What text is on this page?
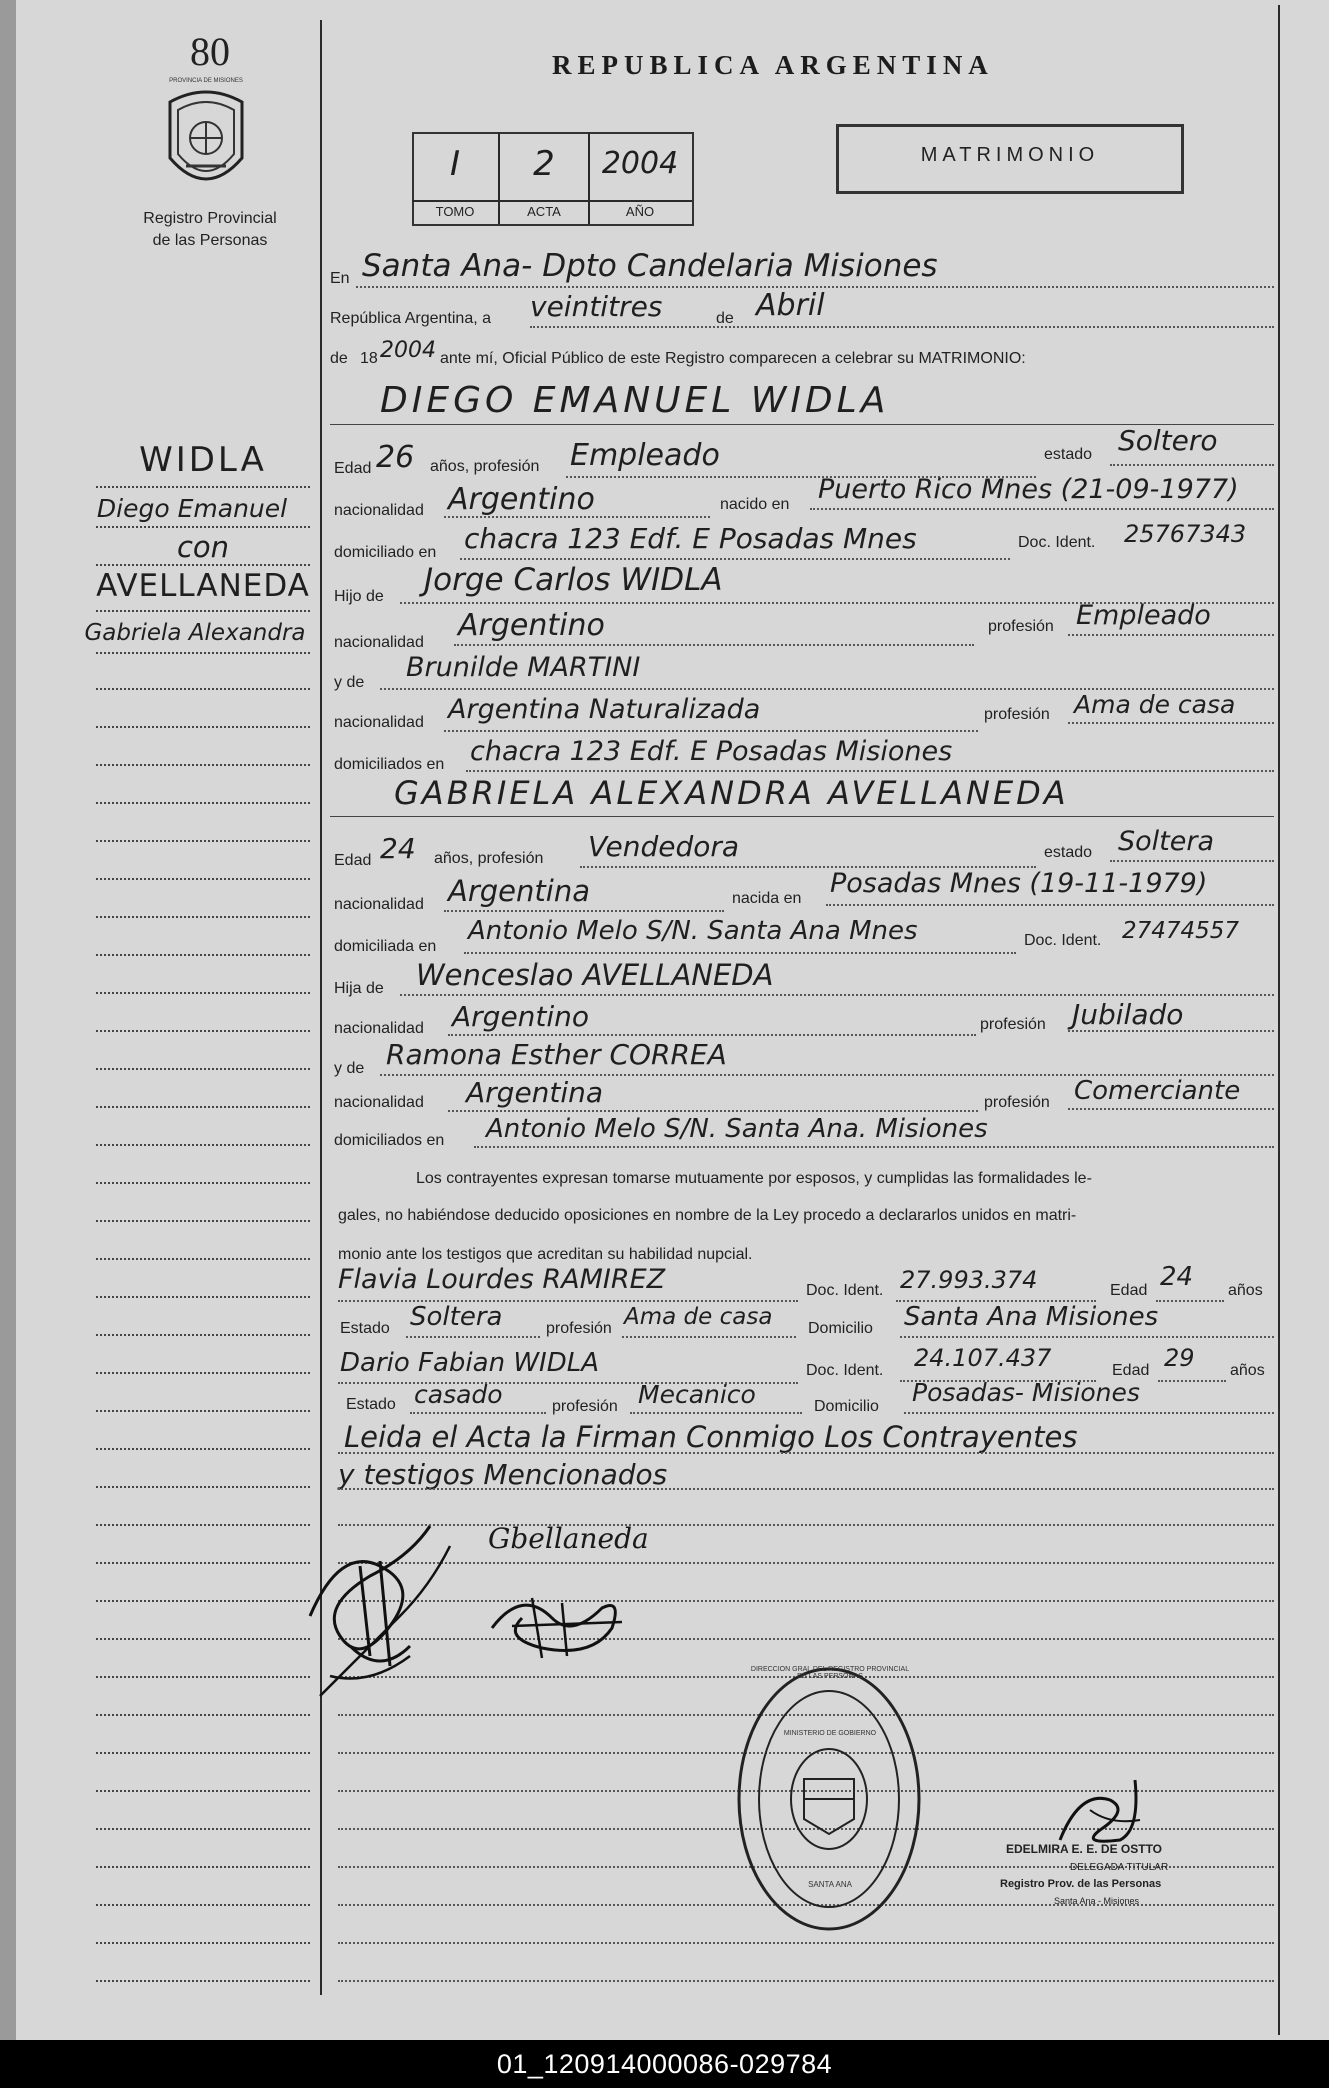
80
PROVINCIA DE MISIONES
Registro Provincial
de las Personas
WIDLA
Diego Emanuel
con
AVELLANEDA
Gabriela Alexandra
REPUBLICA ARGENTINA
I	2	2004
TOMO	ACTA	AÑO
MATRIMONIO
En Santa Ana- Dpto Candelaria Misiones
República Argentina, a veintitres	de Abril
de 18 2004 ante mí, Oficial Público de este Registro comparecen a celebrar su MATRIMONIO:
DIEGO EMANUEL WIDLA
Edad 26 años, profesión Empleado	estado Soltero
nacionalidad Argentino	nacido en Puerto Rico Mnes (21-09-1977)
domiciliado en chacra 123 Edf. E Posadas Mnes	Doc. Ident. 25767343
Hijo de Jorge Carlos WIDLA
nacionalidad Argentino	profesión Empleado
y de Brunilde MARTINI
nacionalidad Argentina Naturalizada	profesión Ama de casa
domiciliados en chacra 123 Edf. E Posadas Misiones
GABRIELA ALEXANDRA AVELLANEDA
Edad 24 años, profesión Vendedora	estado Soltera
nacionalidad Argentina	nacida en Posadas Mnes (19-11-1979)
domiciliada en
Antonio Melo S/N. Santa Ana Mnes	Doc. Ident. 27474557
Hija de Wenceslao AVELLANEDA
nacionalidad Argentino	profesión Jubilado
y de Ramona Esther CORREA
nacionalidad Argentina	profesión Comerciante
domiciliados en Antonio Melo S/N. Santa Ana. Misiones
Los contrayentes expresan tomarse mutuamente por esposos, y cumplidas las formalidades le-
gales, no habiéndose deducido oposiciones en nombre de la Ley procedo a declararlos unidos en matri-
monio ante los testigos que acreditan su habilidad nupcial.
Flavia Lourdes RAMIREZ	Doc. Ident. 27.993.374	Edad 24 años
Estado Soltera	profesión Ama de casa Domicilio Santa Ana Misiones
Dario Fabian WIDLA	Doc. Ident. 24.107.437	Edad 29 años
Estado casado	profesión Mecanico	Domicilio Posadas- Misiones
Leida el Acta la Firman Conmigo Los Contrayentes
y testigos Mencionados
Gbellaneda
DIRECCION GRAL DEL REGISTRO PROVINCIAL DE LAS PERSONAS
MINISTERIO DE GOBIERNO
SANTA ANA
EDELMIRA E. E. DE OSTTO
DELEGADA TITULAR
Registro Prov. de las Personas
Santa Ana - Misiones
01_120914000086-029784
